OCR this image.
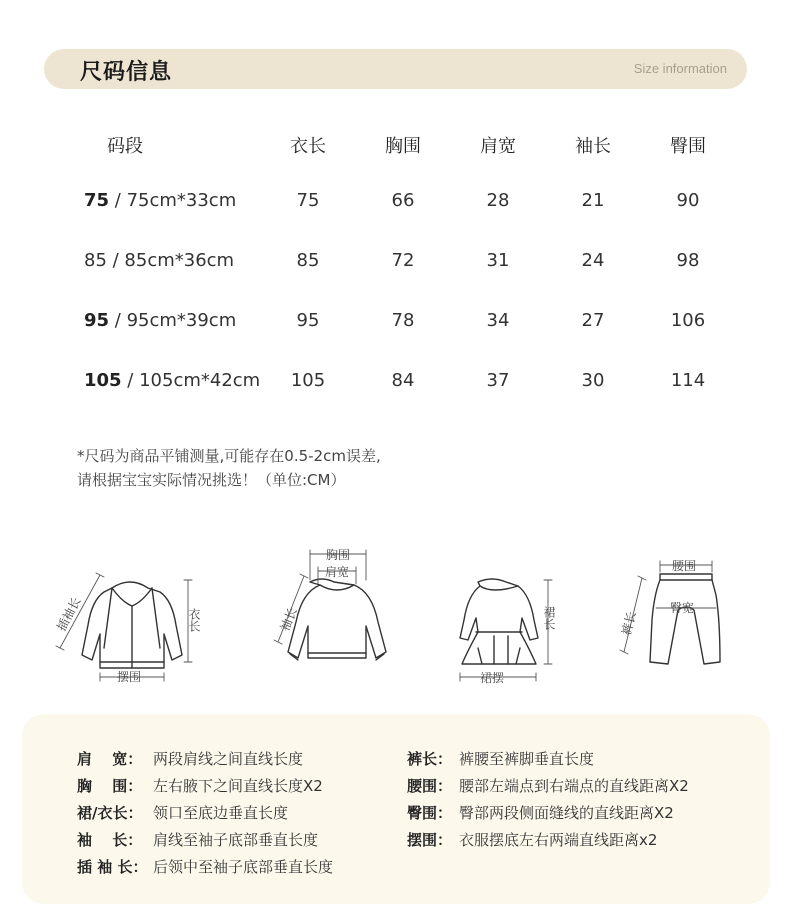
尺码信息	Size information
码段	衣长	胸围	肩宽	袖长	臀围
75 / 75cm*33cm	75	66	28	21	90
85 / 85cm*36cm	85	72	31	24	98
95 / 95cm*39cm	95	78	34	27	106
105 / 105cm*42cm 105	84	37	30	114
*尺码为商品平铺测量,可能存在0.5-2cm误差,
请根据宝宝实际情况挑选！（单位:CM）
插袖长
摆围
胸围
肩宽
袖长
裙摆
腰围
臀宽
裤长
衣长	裙长
肩　 宽： 两段肩线之间直线长度
胸　 围： 左右腋下之间直线长度X2
裙/衣长： 领口至底边垂直长度
袖　 长： 肩线至袖子底部垂直长度
插 袖 长： 后领中至袖子底部垂直长度
裤长： 裤腰至裤脚垂直长度
腰围： 腰部左端点到右端点的直线距离X2
臀围： 臀部两段侧面缝线的直线距离X2
摆围： 衣服摆底左右两端直线距离x2
